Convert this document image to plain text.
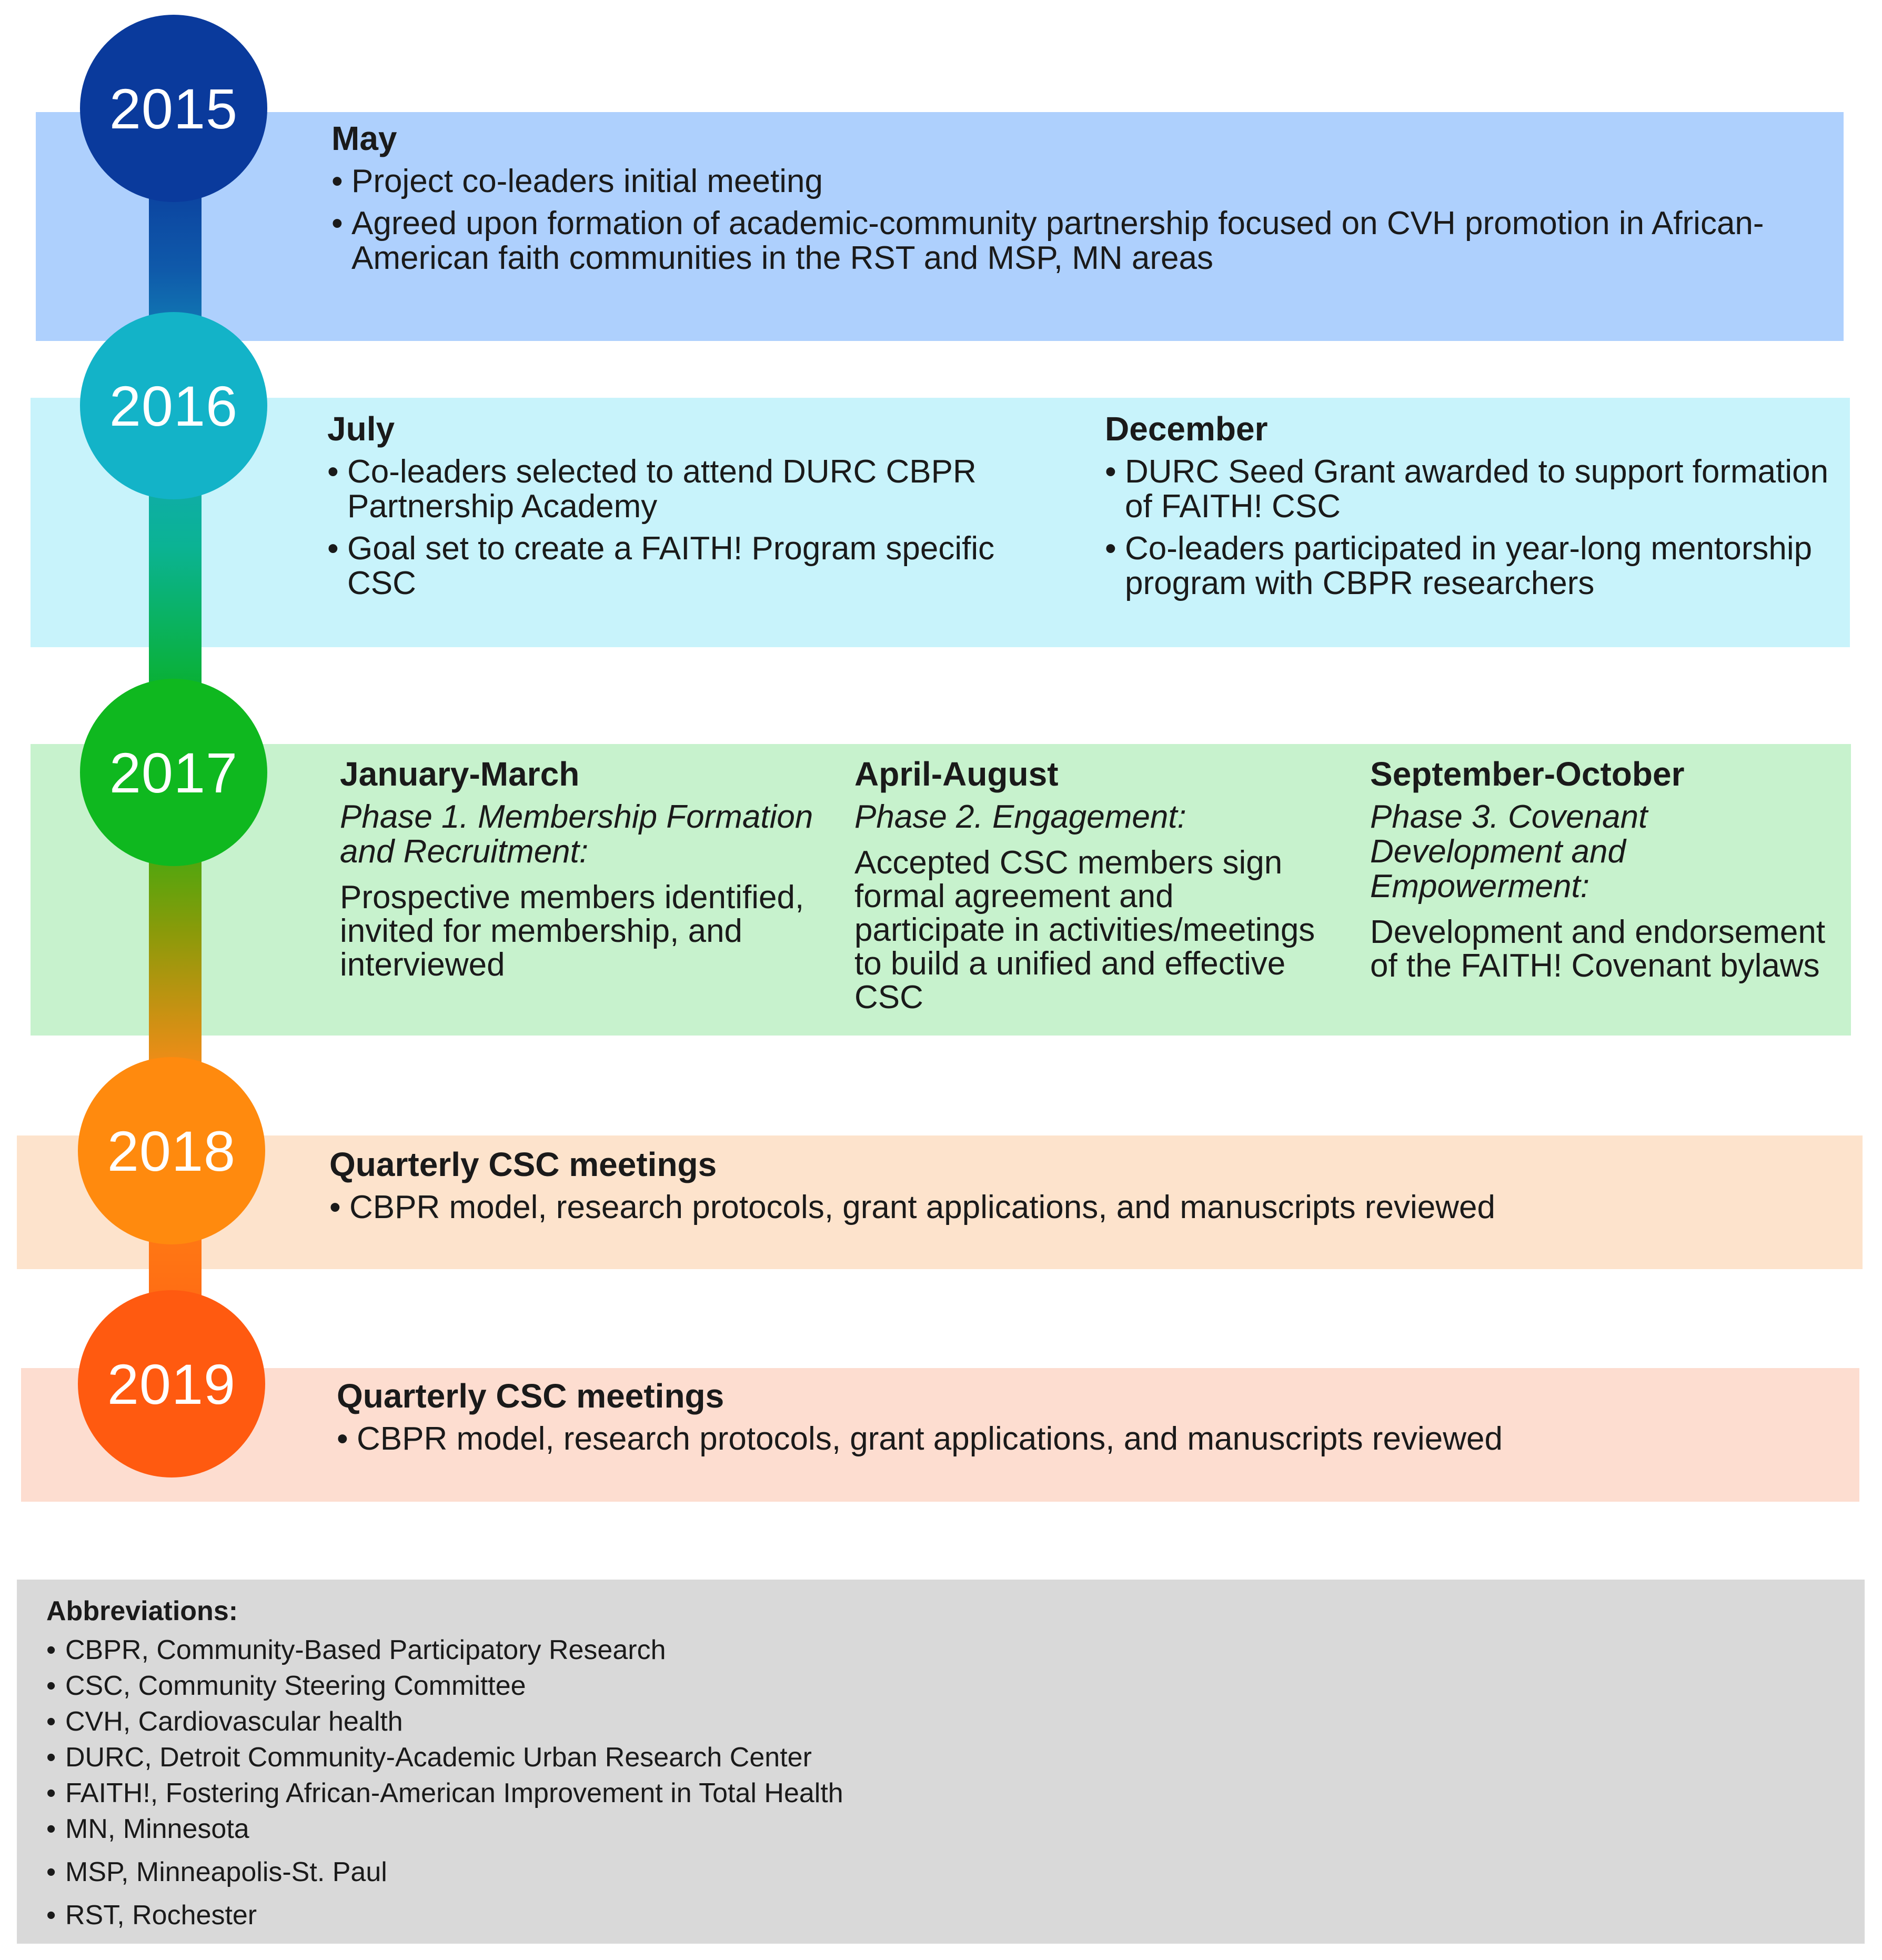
2015
2016
2017
2018
2019
May
• Project co-leaders initial meeting
• Agreed upon formation of academic-community partnership focused on CVH promotion in African-American faith communities in the RST and MSP, MN areas
July
• Co-leaders selected to attend DURC CBPR Partnership Academy
• Goal set to create a FAITH! Program specific CSC
December
• DURC Seed Grant awarded to support formation of FAITH! CSC
• Co-leaders participated in year-long mentorship program with CBPR researchers
January-March
Phase 1. Membership Formation and Recruitment:
Prospective members identified, invited for membership, and interviewed
April-August
Phase 2. Engagement:
Accepted CSC members sign formal agreement and participate in activities/meetings to build a unified and effective CSC
September-October
Phase 3. Covenant Development and Empowerment:
Development and endorsement of the FAITH! Covenant bylaws
Quarterly CSC meetings
• CBPR model, research protocols, grant applications, and manuscripts reviewed
Quarterly CSC meetings
• CBPR model, research protocols, grant applications, and manuscripts reviewed
Abbreviations:
• CBPR, Community-Based Participatory Research
• CSC, Community Steering Committee
• CVH, Cardiovascular health
• DURC, Detroit Community-Academic Urban Research Center
• FAITH!, Fostering African-American Improvement in Total Health
• MN, Minnesota
• MSP, Minneapolis-St. Paul
• RST, Rochester
